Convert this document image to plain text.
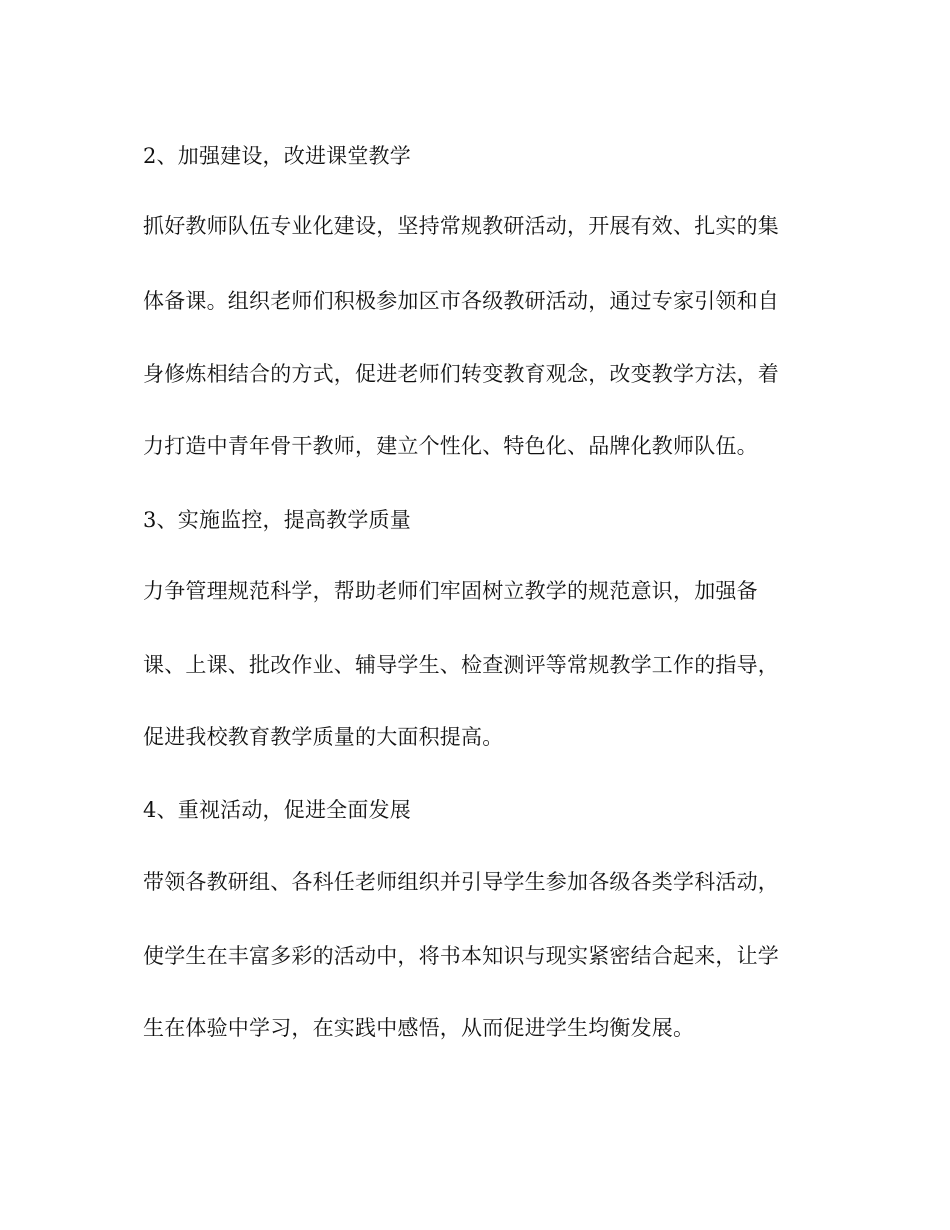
2、加强建设，改进课堂教学
抓好教师队伍专业化建设，坚持常规教研活动，开展有效、扎实的集
体备课。组织老师们积极参加区市各级教研活动，通过专家引领和自
身修炼相结合的方式，促进老师们转变教育观念，改变教学方法，着
力打造中青年骨干教师，建立个性化、特色化、品牌化教师队伍。
3、实施监控，提高教学质量
力争管理规范科学，帮助老师们牢固树立教学的规范意识，加强备
课、上课、批改作业、辅导学生、检查测评等常规教学工作的指导，
促进我校教育教学质量的大面积提高。
4、重视活动，促进全面发展
带领各教研组、各科任老师组织并引导学生参加各级各类学科活动，
使学生在丰富多彩的活动中，将书本知识与现实紧密结合起来，让学
生在体验中学习，在实践中感悟，从而促进学生均衡发展。
